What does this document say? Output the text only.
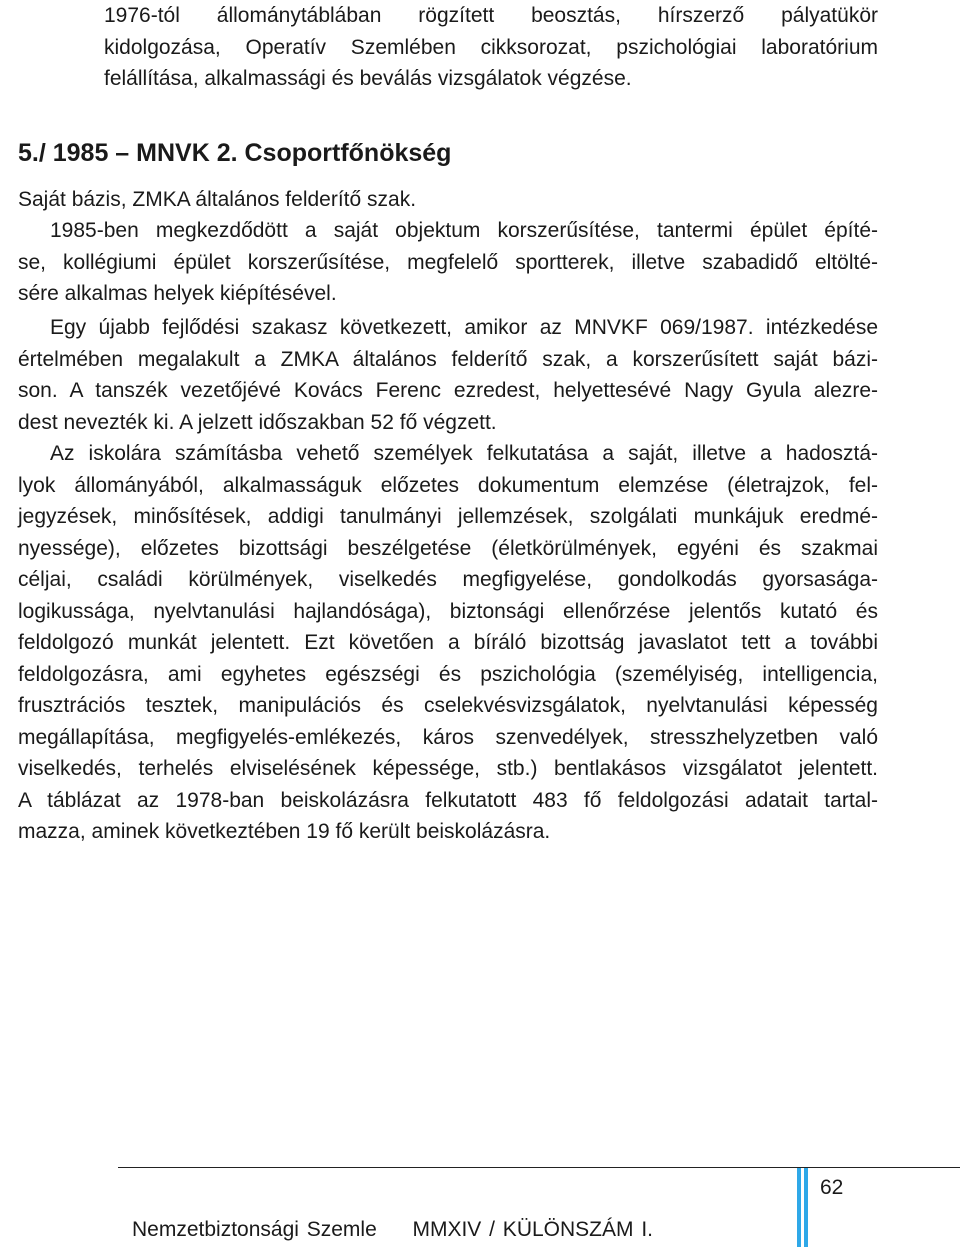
1976-tól állománytáblában rögzített beosztás, hírszerző pályatükör
kidolgozása, Operatív Szemlében cikksorozat, pszichológiai laboratórium
felállítása, alkalmassági és beválás vizsgálatok végzése.
5./ 1985 – MNVK 2. Csoportfőnökség

Saját bázis, ZMKA általános felderítő szak.

1985-ben megkezdődött a saját objektum korszerűsítése, tantermi épület építé-
se, kollégiumi épület korszerűsítése, megfelelő sportterek, illetve szabadidő eltölté-
sére alkalmas helyek kiépítésével.
Egy újabb fejlődési szakasz következett, amikor az MNVKF 069/1987. intézkedése
értelmében megalakult a ZMKA általános felderítő szak, a korszerűsített saját bázi-
son. A tanszék vezetőjévé Kovács Ferenc ezredest, helyettesévé Nagy Gyula alezre-
dest nevezték ki. A jelzett időszakban 52 fő végzett.
Az iskolára számításba vehető személyek felkutatása a saját, illetve a hadosztá-
lyok állományából, alkalmasságuk előzetes dokumentum elemzése (életrajzok, fel-
jegyzések, minősítések, addigi tanulmányi jellemzések, szolgálati munkájuk eredmé-
nyessége), előzetes bizottsági beszélgetése (életkörülmények, egyéni és szakmai
céljai, családi körülmények, viselkedés megfigyelése, gondolkodás gyorsasága-
logikussága, nyelvtanulási hajlandósága), biztonsági ellenőrzése jelentős kutató és
feldolgozó munkát jelentett. Ezt követően a bíráló bizottság javaslatot tett a további
feldolgozásra, ami egyhetes egészségi és pszichológia (személyiség, intelligencia,
frusztrációs tesztek, manipulációs és cselekvésvizsgálatok, nyelvtanulási képesség
megállapítása, megfigyelés-emlékezés, káros szenvedélyek, stresszhelyzetben való
viselkedés, terhelés elviselésének képessége, stb.) bentlakásos vizsgálatot jelentett.
A táblázat az 1978-ban beiskolázásra felkutatott 483 fő feldolgozási adatait tartal-
mazza, aminek következtében 19 fő került beiskolázásra.
62
Nemzetbiztonsági Szemle MMXIV / KÜLÖNSZÁM I.
